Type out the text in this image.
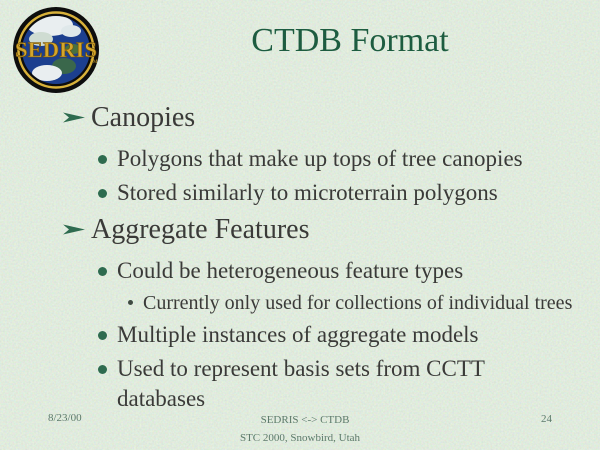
SEDRIS
TM
CTDB Format
Canopies
Polygons that make up tops of tree canopies
Stored similarly to microterrain polygons
Aggregate Features
Could be heterogeneous feature types
Currently only used for collections of individual trees
Multiple instances of aggregate models
Used to represent basis sets from CCTT databases
8/23/00	SEDRIS <-> CTDB
STC 2000, Snowbird, Utah
24
